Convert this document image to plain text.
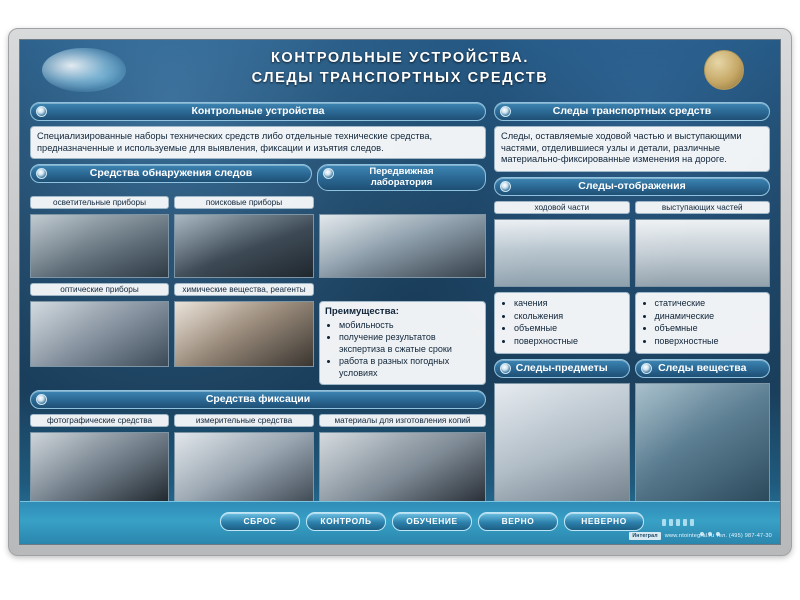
КОНТРОЛЬНЫЕ УСТРОЙСТВА.
СЛЕДЫ ТРАНСПОРТНЫХ СРЕДСТВ
Контрольные устройства
Специализированные наборы технических средств либо отдельные технические средства, предназначенные и используемые для выявления, фиксации и изъятия следов.
Средства обнаружения следов	Передвижная
лаборатория
осветительные приборы	поисковые приборы
оптические приборы	химические вещества, реагенты
Преимущества:
• мобильность
• получение результатов экспертиза в сжатые сроки
• работа в разных погодных условиях
Средства фиксации
фотографические средства	измерительные средства	материалы для изготовления копий
Следы транспортных средств
Следы, оставляемые ходовой частью и выступающими частями, отделившиеся узлы и детали, различные материально-фиксированные изменения на дороге.
Следы-отображения
ходовой части	выступающих частей
• качения
• скольжения
• объемные
• поверхностные
• статические
• динамические
• объемные
• поверхностные
Следы-предметы	Следы вещества
СБРОС	КОНТРОЛЬ	ОБУЧЕНИЕ	ВЕРНО	НЕВЕРНО
Интеграл	www.ntointegral.ru тел. (495) 987-47-30
